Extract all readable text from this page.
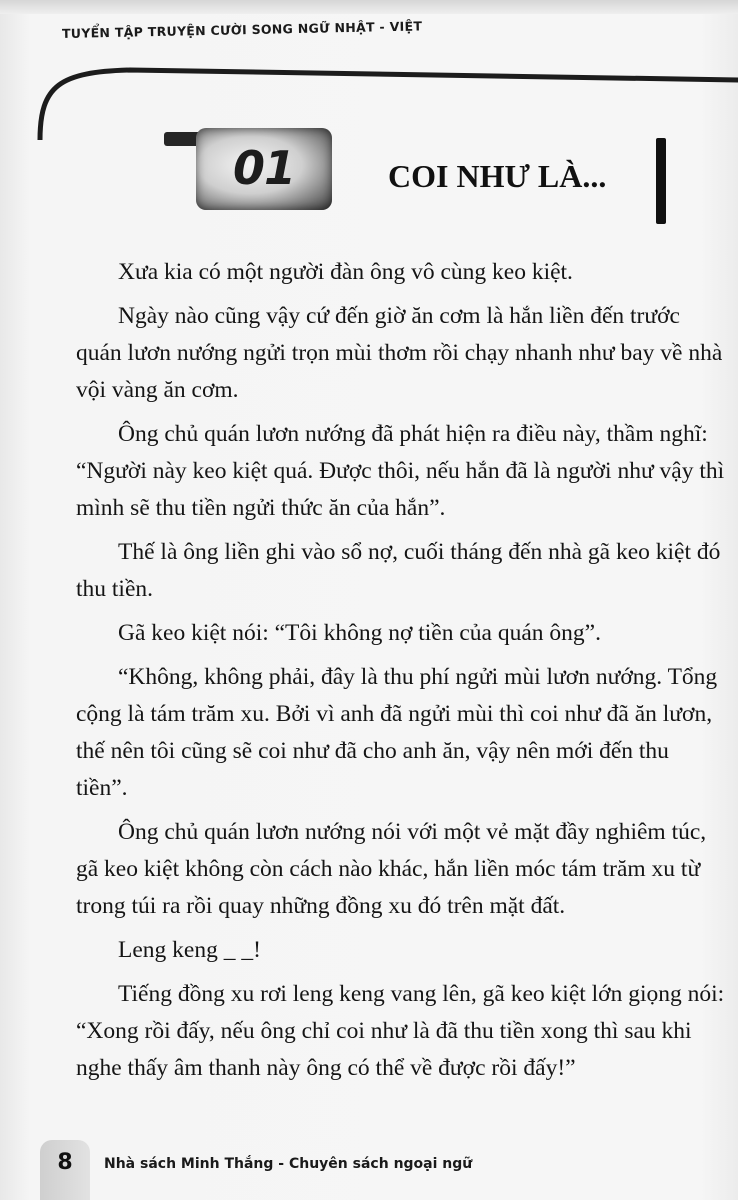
TUYỂN TẬP TRUYỆN CƯỜI SONG NGỮ NHẬT - VIỆT
01	COI NHƯ LÀ...

Xưa kia có một người đàn ông vô cùng keo kiệt.

Ngày nào cũng vậy cứ đến giờ ăn cơm là hắn liền đến trước quán lươn nướng ngửi trọn mùi thơm rồi chạy nhanh như bay về nhà vội vàng ăn cơm.

Ông chủ quán lươn nướng đã phát hiện ra điều này, thầm nghĩ: “Người này keo kiệt quá. Được thôi, nếu hắn đã là người như vậy thì mình sẽ thu tiền ngửi thức ăn của hắn”.

Thế là ông liền ghi vào sổ nợ, cuối tháng đến nhà gã keo kiệt đó thu tiền.

Gã keo kiệt nói: “Tôi không nợ tiền của quán ông”.

“Không, không phải, đây là thu phí ngửi mùi lươn nướng. Tổng cộng là tám trăm xu. Bởi vì anh đã ngửi mùi thì coi như đã ăn lươn, thế nên tôi cũng sẽ coi như đã cho anh ăn, vậy nên mới đến thu tiền”.

Ông chủ quán lươn nướng nói với một vẻ mặt đầy nghiêm túc, gã keo kiệt không còn cách nào khác, hắn liền móc tám trăm xu từ trong túi ra rồi quay những đồng xu đó trên mặt đất.

Leng keng _ _!

Tiếng đồng xu rơi leng keng vang lên, gã keo kiệt lớn giọng nói: “Xong rồi đấy, nếu ông chỉ coi như là đã thu tiền xong thì sau khi nghe thấy âm thanh này ông có thể về được rồi đấy!”

8	Nhà sách Minh Thắng - Chuyên sách ngoại ngữ
